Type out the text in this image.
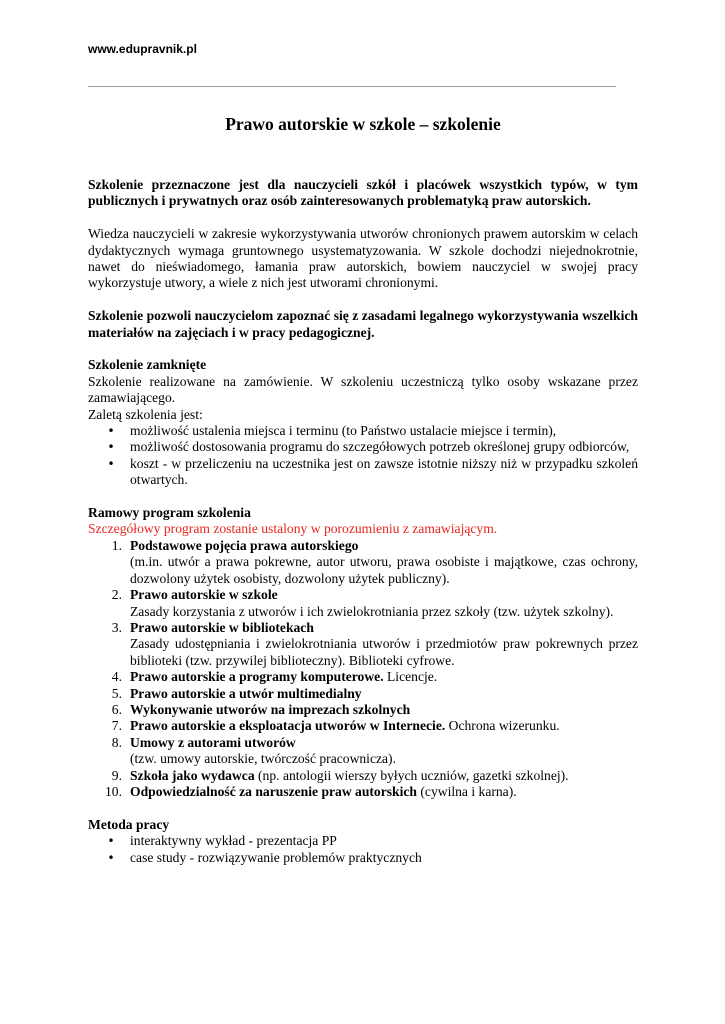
www.edupravnik.pl
Prawo autorskie w szkole – szkolenie

Szkolenie przeznaczone jest dla nauczycieli szkół i placówek wszystkich typów, w tym publicznych i prywatnych oraz osób zainteresowanych problematyką praw autorskich.

Wiedza nauczycieli w zakresie wykorzystywania utworów chronionych prawem autorskim w celach dydaktycznych wymaga gruntownego usystematyzowania. W szkole dochodzi niejednokrotnie, nawet do nieświadomego, łamania praw autorskich, bowiem nauczyciel w swojej pracy wykorzystuje utwory, a wiele z nich jest utworami chronionymi.

Szkolenie pozwoli nauczycielom zapoznać się z zasadami legalnego wykorzystywania wszelkich materiałów na zajęciach i w pracy pedagogicznej.

Szkolenie zamknięte

Szkolenie realizowane na zamówienie. W szkoleniu uczestniczą tylko osoby wskazane przez zamawiającego.

Zaletą szkolenia jest:

• możliwość ustalenia miejsca i terminu (to Państwo ustalacie miejsce i termin),
• możliwość dostosowania programu do szczegółowych potrzeb określonej grupy odbiorców,
• koszt - w przeliczeniu na uczestnika jest on zawsze istotnie niższy niż w przypadku szkoleń otwartych.

Ramowy program szkolenia

Szczegółowy program zostanie ustalony w porozumieniu z zamawiającym.

1. Podstawowe pojęcia prawa autorskiego
(m.in. utwór a prawa pokrewne, autor utworu, prawa osobiste i majątkowe, czas ochrony, dozwolony użytek osobisty, dozwolony użytek publiczny).
2. Prawo autorskie w szkole
Zasady korzystania z utworów i ich zwielokrotniania przez szkoły (tzw. użytek szkolny).
3. Prawo autorskie w bibliotekach
Zasady udostępniania i zwielokrotniania utworów i przedmiotów praw pokrewnych przez biblioteki (tzw. przywilej biblioteczny). Biblioteki cyfrowe.
4. Prawo autorskie a programy komputerowe. Licencje.
5. Prawo autorskie a utwór multimedialny
6. Wykonywanie utworów na imprezach szkolnych
7. Prawo autorskie a eksploatacja utworów w Internecie. Ochrona wizerunku.
8. Umowy z autorami utworów
(tzw. umowy autorskie, twórczość pracownicza).
9. Szkoła jako wydawca (np. antologii wierszy byłych uczniów, gazetki szkolnej).
10. Odpowiedzialność za naruszenie praw autorskich (cywilna i karna).

Metoda pracy

• interaktywny wykład - prezentacja PP
• case study - rozwiązywanie problemów praktycznych
